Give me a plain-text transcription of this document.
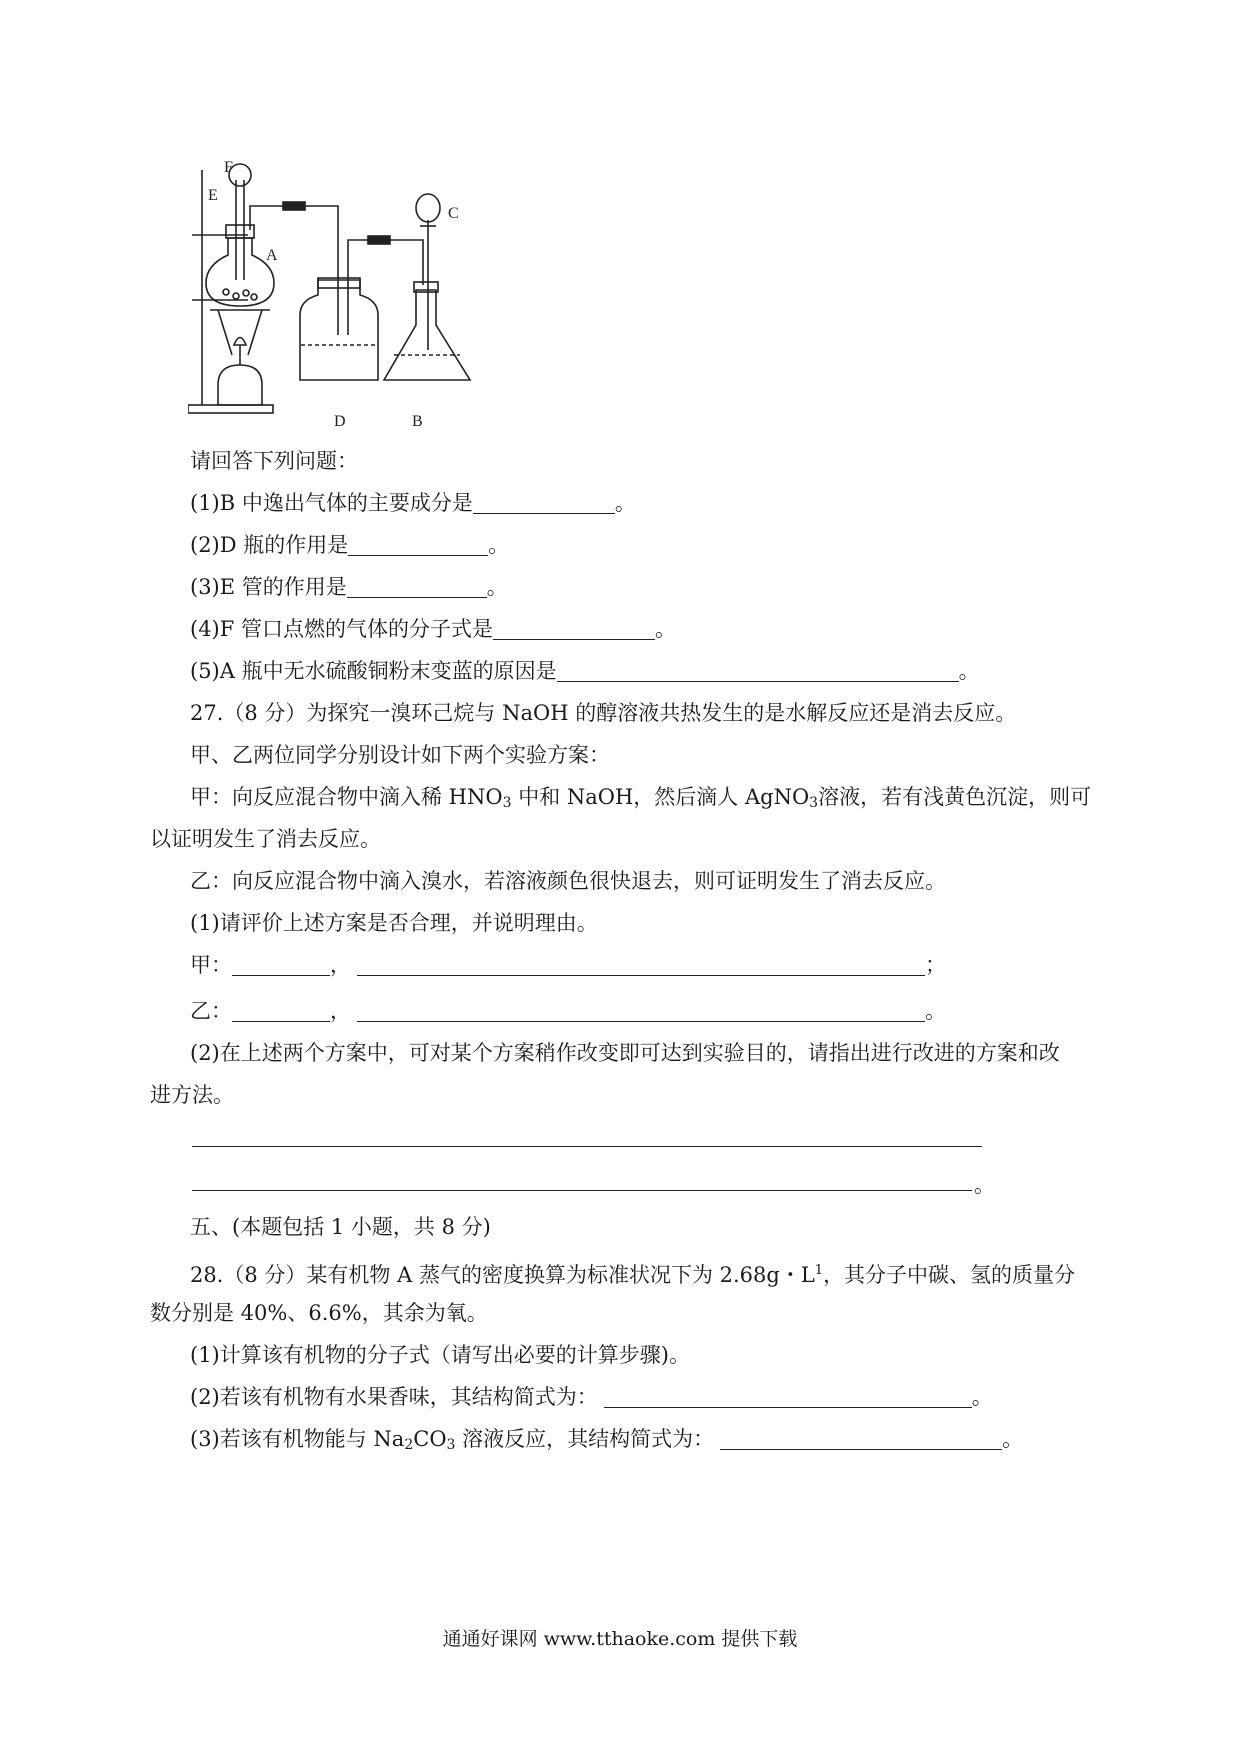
F
E
A
C
D	B
请回答下列问题：
(1)B 中逸出气体的主要成分是	。
(2)D 瓶的作用是	。
(3)E 管的作用是	。
(4)F 管口点燃的气体的分子式是	。
(5)A 瓶中无水硫酸铜粉末变蓝的原因是	。
27.（8 分）为探究一溴环己烷与 NaOH 的醇溶液共热发生的是水解反应还是消去反应。
甲、乙两位同学分别设计如下两个实验方案：
甲：向反应混合物中滴入稀 $HNO_3$ 中和 NaOH，然后滴人 AgNO$_3$溶液，若有浅黄色沉淀，则可
以证明发生了消去反应。
乙：向反应混合物中滴入溴水，若溶液颜色很快退去，则可证明发生了消去反应。
(1)请评价上述方案是否合理，并说明理由。
甲：	，	；
乙：	，	。
(2)在上述两个方案中，可对某个方案稍作改变即可达到实验目的，请指出进行改进的方案和改
进方法。
。
五、(本题包括 1 小题，共 8 分)
28.（8 分）某有机物 A 蒸气的密度换算为标准状况下为 2.68g・$L^1$，其分子中碳、氢的质量分
数分别是 40%、6.6%，其余为氧。
(1)计算该有机物的分子式（请写出必要的计算步骤)。
(2)若该有机物有水果香味，其结构简式为：	。
(3)若该有机物能与 $Na_2CO_3$ 溶液反应，其结构简式为：	。
通通好课网 www.tthaoke.com 提供下载
